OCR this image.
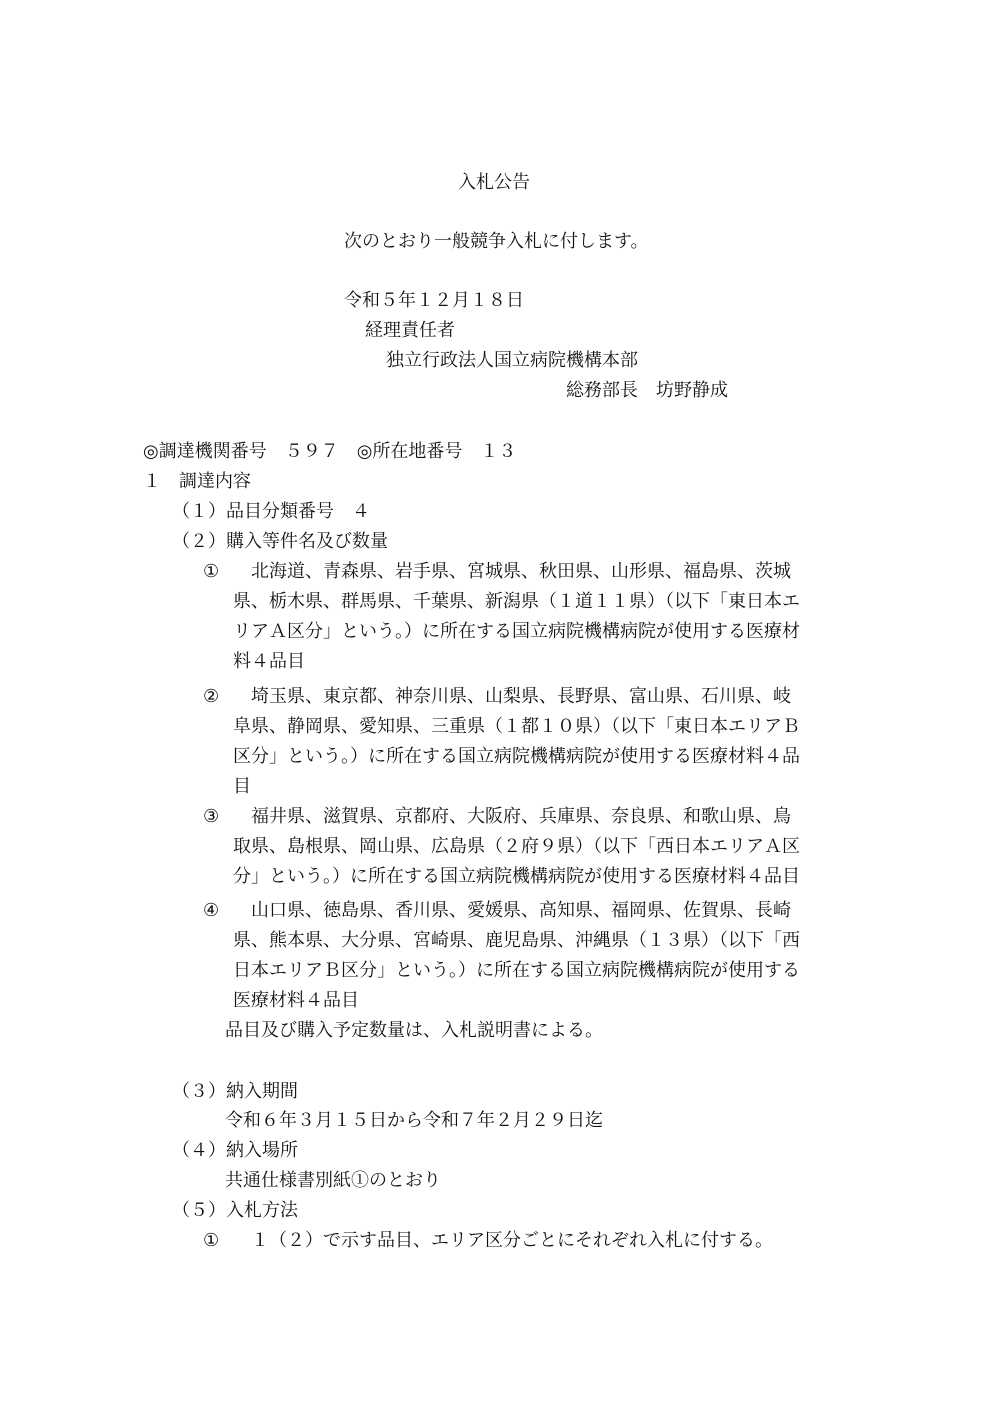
入札公告
次のとおり一般競争入札に付します。
令和５年１２月１８日
経理責任者
独立行政法人国立病院機構本部
総務部長　坊野静成
◎調達機関番号　５９７　◎所在地番号　１３
１　調達内容
（１）品目分類番号　４
（２）購入等件名及び数量
① 　北海道、青森県、岩手県、宮城県、秋田県、山形県、福島県、茨城
県、栃木県、群馬県、千葉県、新潟県（１道１１県）（以下「東日本エ
リアＡ区分」という。）に所在する国立病院機構病院が使用する医療材
料４品目
② 　埼玉県、東京都、神奈川県、山梨県、長野県、富山県、石川県、岐
阜県、静岡県、愛知県、三重県（１都１０県）（以下「東日本エリアＢ
区分」という。）に所在する国立病院機構病院が使用する医療材料４品
目
③ 　福井県、滋賀県、京都府、大阪府、兵庫県、奈良県、和歌山県、鳥
取県、島根県、岡山県、広島県（２府９県）（以下「西日本エリアＡ区
分」という。）に所在する国立病院機構病院が使用する医療材料４品目
④ 　山口県、徳島県、香川県、愛媛県、高知県、福岡県、佐賀県、長崎
県、熊本県、大分県、宮崎県、鹿児島県、沖縄県（１３県）（以下「西
日本エリアＢ区分」という。）に所在する国立病院機構病院が使用する
医療材料４品目
品目及び購入予定数量は、入札説明書による。
（３）納入期間
令和６年３月１５日から令和７年２月２９日迄
（４）納入場所
共通仕様書別紙①のとおり
（５）入札方法
① 　１（２）で示す品目、エリア区分ごとにそれぞれ入札に付する。
